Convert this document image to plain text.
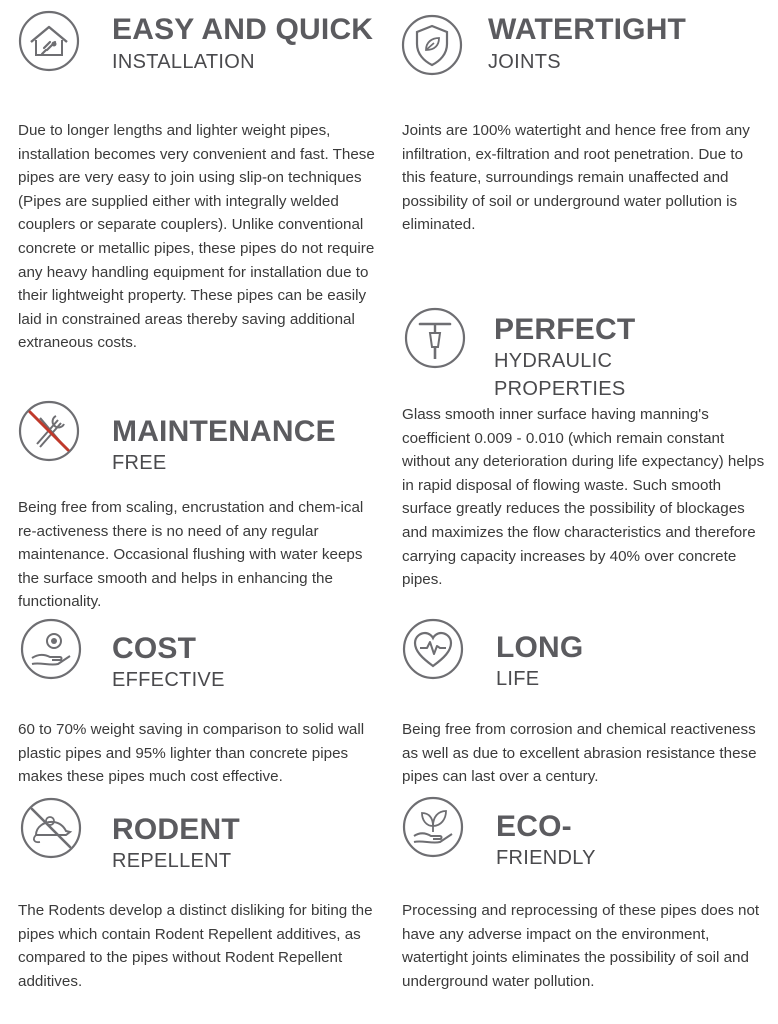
EASY AND QUICK
INSTALLATION

Due to longer lengths and lighter weight pipes, installation becomes very convenient and fast. These pipes are very easy to join using slip-on techniques (Pipes are supplied either with integrally welded couplers or separate couplers). Unlike conventional concrete or metallic pipes, these pipes do not require any heavy handling equipment for installation due to their lightweight property. These pipes can be easily laid in constrained areas thereby saving additional extraneous costs.

WATERTIGHT
JOINTS

Joints are 100% watertight and hence free from any infiltration, ex-filtration and root penetration. Due to this feature, surroundings remain unaffected and possibility of soil or underground water pollution is eliminated.

PERFECT
HYDRAULIC
PROPERTIES

Glass smooth inner surface having manning's coefficient 0.009 - 0.010 (which remain constant without any deterioration during life expectancy) helps in rapid disposal of flowing waste. Such smooth surface greatly reduces the possibility of blockages and maximizes the flow characteristics and therefore carrying capacity increases by 40% over concrete pipes.

MAINTENANCE
FREE

Being free from scaling, encrustation and chem-ical re-activeness there is no need of any regular maintenance. Occasional flushing with water keeps the surface smooth and helps in enhancing the functionality.

COST
EFFECTIVE

60 to 70% weight saving in comparison to solid wall plastic pipes and 95% lighter than concrete pipes makes these pipes much cost effective.

LONG
LIFE

Being free from corrosion and chemical reactiveness as well as due to excellent abrasion resistance these pipes can last over a century.

RODENT
REPELLENT

The Rodents develop a distinct disliking for biting the pipes which contain Rodent Repellent additives, as compared to the pipes without Rodent Repellent additives.

ECO-
FRIENDLY

Processing and reprocessing of these pipes does not have any adverse impact on the environment, watertight joints eliminates the possibility of soil and underground water pollution.
